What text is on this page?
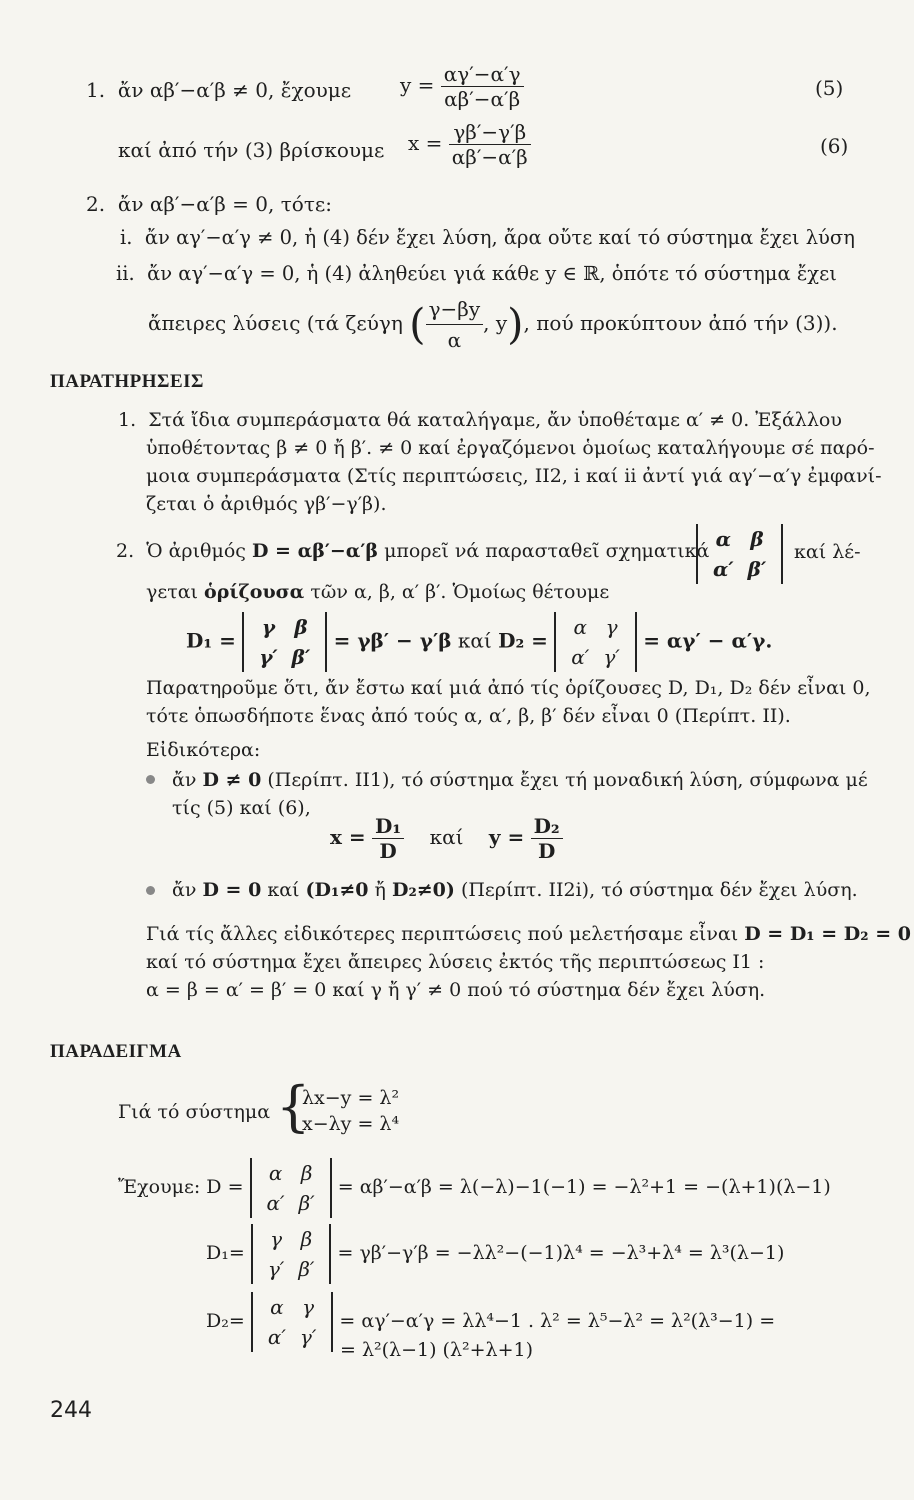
1. ἄν αβ′−α′β ≠ 0, ἔχουμε $y = \frac{\alpha\gamma'-\alpha'\gamma}{\alpha\beta'-\alpha'\beta}$	(5)
καί ἀπό τήν (3) βρίσκουμε $x = \frac{\gamma\beta'-\gamma'\beta}{\alpha\beta'-\alpha'\beta}$	(6)
2. ἄν αβ′−α′β = 0, τότε:
i. ἄν αγ′−α′γ ≠ 0, ἡ (4) δέν ἔχει λύση, ἄρα οὔτε καί τό σύστημα ἔχει λύση
ii. ἄν αγ′−α′γ = 0, ἡ (4) ἀληθεύει γιά κάθε y ∈ ℝ, ὁπότε τό σύστημα ἔχει
ἄπειρες λύσεις (τά ζεύγη ( $\frac{\gamma-\beta y}{\alpha}$ , y), πού προκύπτουν ἀπό τήν (3)).
ΠΑΡΑΤΗΡΗΣΕΙΣ
1. Στά ἴδια συμπεράσματα θά καταλήγαμε, ἄν ὑποθέταμε α′ ≠ 0. Ἐξάλλου
ὑποθέτοντας β ≠ 0 ἤ β′. ≠ 0 καί ἐργαζόμενοι ὁμοίως καταλήγουμε σέ παρό-
μοια συμπεράσματα (Στίς περιπτώσεις, II2, i καί ii ἀντί γιά αγ′−α′γ ἐμφανί-
ζεται ὁ ἀριθμός γβ′−γ′β).
2. Ὁ ἀριθμός D = αβ′−α′β μπορεῖ νά παρασταθεῖ σχηματικά α	β
α′	β′
καί λέ-
γεται ὁρίζουσα τῶν α, β, α′ β′. Ὁμοίως θέτουμε
D₁ =
γ	β
γ′	β′
= γβ′ − γ′β καί D₂ =
α	γ
α′	γ′
= αγ′ − α′γ.
Παρατηροῦμε ὅτι, ἄν ἔστω καί μιά ἀπό τίς ὁρίζουσες D, D₁, D₂ δέν εἶναι 0,
τότε ὁπωσδήποτε ἕνας ἀπό τούς α, α′, β, β′ δέν εἶναι 0 (Περίπτ. II).
Εἰδικότερα:
ἄν D ≠ 0 (Περίπτ. II1), τό σύστημα ἔχει τή μοναδική λύση, σύμφωνα μέ
τίς (5) καί (6),
$x = \frac{\text{D₁}}{D}$ καί $y = \frac{\text{D₂}}{D}$
ἄν D = 0 καί (D₁≠0 ἤ D₂≠0) (Περίπτ. II2i), τό σύστημα δέν ἔχει λύση.
Γιά τίς ἄλλες εἰδικότερες περιπτώσεις πού μελετήσαμε εἶναι D = D₁ = D₂ = 0
καί τό σύστημα ἔχει ἄπειρες λύσεις ἐκτός τῆς περιπτώσεως I1 :
α = β = α′ = β′ = 0 καί γ ἤ γ′ ≠ 0 πού τό σύστημα δέν ἔχει λύση.
ΠΑΡΑΔΕΙΓΜΑ
Γιά τό σύστημα {
λx−y = λ²
x−λy = λ⁴
Ἔχουμε: D =
α	β
α′	β′
= αβ′−α′β = λ(−λ)−1(−1) = −λ²+1 = −(λ+1)(λ−1)
D₁=
γ	β
γ′	β′
= γβ′−γ′β = −λλ²−(−1)λ⁴ = −λ³+λ⁴ = λ³(λ−1)
D₂=
α	γ
α′	γ′
= αγ′−α′γ = λλ⁴−1 . λ² = λ⁵−λ² = λ²(λ³−1) =
= λ²(λ−1) (λ²+λ+1)
244
